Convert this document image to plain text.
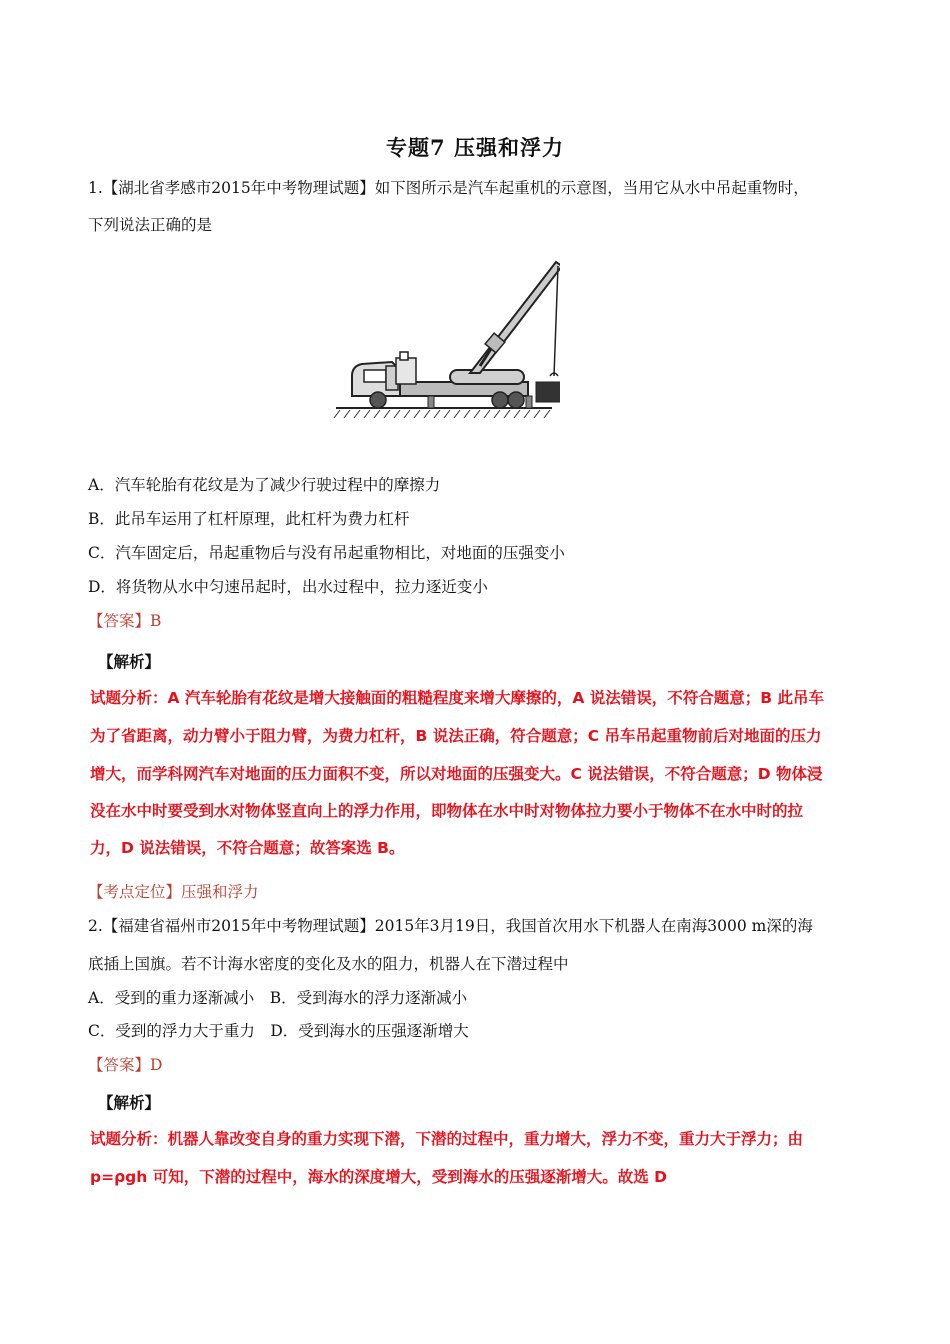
专题7 压强和浮力
1.【湖北省孝感市2015年中考物理试题】如下图所示是汽车起重机的示意图，当用它从水中吊起重物时，
下列说法正确的是
A．汽车轮胎有花纹是为了减少行驶过程中的摩擦力
B．此吊车运用了杠杆原理，此杠杆为费力杠杆
C．汽车固定后，吊起重物后与没有吊起重物相比，对地面的压强变小
D．将货物从水中匀速吊起时，出水过程中，拉力逐近变小
【答案】B
【解析】
试题分析：A 汽车轮胎有花纹是增大接触面的粗糙程度来增大摩擦的，A 说法错误，不符合题意；B 此吊车
为了省距离，动力臂小于阻力臂，为费力杠杆，B 说法正确，符合题意；C 吊车吊起重物前后对地面的压力
增大，而学科网汽车对地面的压力面积不变，所以对地面的压强变大。C 说法错误，不符合题意；D 物体浸
没在水中时要受到水对物体竖直向上的浮力作用，即物体在水中时对物体拉力要小于物体不在水中时的拉
力，D 说法错误，不符合题意；故答案选 B。
【考点定位】压强和浮力
2.【福建省福州市2015年中考物理试题】2015年3月19日，我国首次用水下机器人在南海3000 m深的海
底插上国旗。若不计海水密度的变化及水的阻力，机器人在下潜过程中
A．受到的重力逐渐减小　B．受到海水的浮力逐渐减小
C．受到的浮力大于重力　D．受到海水的压强逐渐增大
【答案】D
【解析】
试题分析：机器人靠改变自身的重力实现下潜，下潜的过程中，重力增大，浮力不变，重力大于浮力；由
p=ρgh 可知，下潜的过程中，海水的深度增大，受到海水的压强逐渐增大。故选 D
